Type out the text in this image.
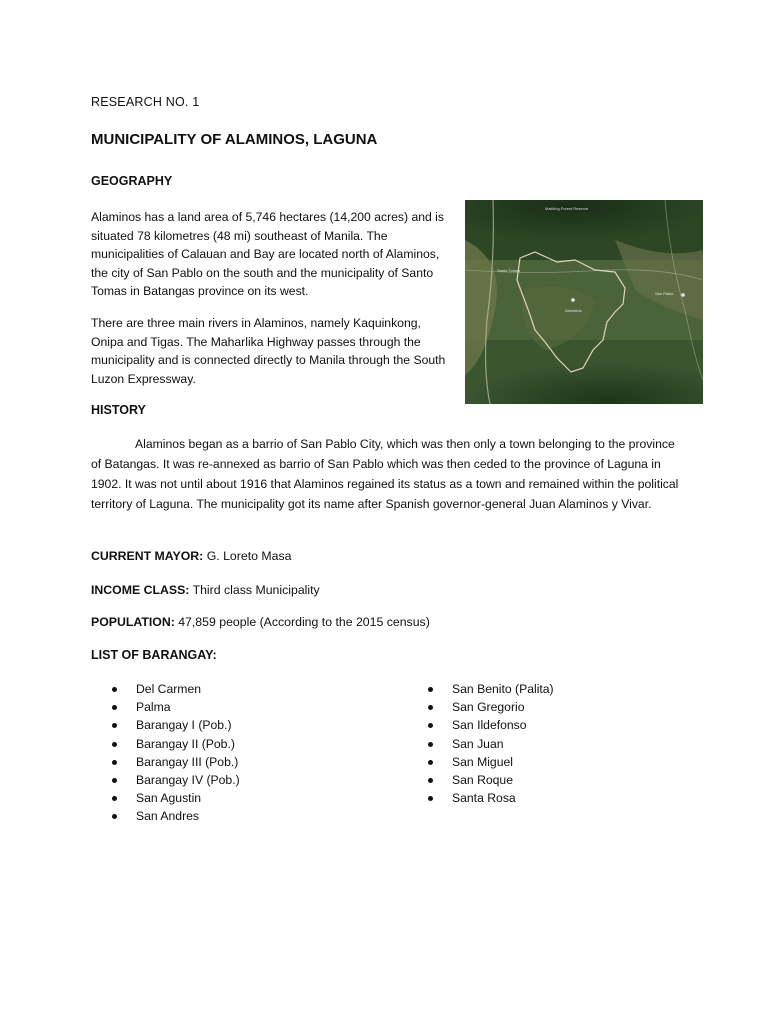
RESEARCH NO. 1
MUNICIPALITY OF ALAMINOS, LAGUNA
GEOGRAPHY
Alaminos has a land area of 5,746 hectares (14,200 acres) and is situated 78 kilometres (48 mi) southeast of Manila. The municipalities of Calauan and Bay are located north of Alaminos, the city of San Pablo on the south and the municipality of Santo Tomas in Batangas province on its west.
There are three main rivers in Alaminos, namely Kaquinkong, Onipa and Tigas. The Maharlika Highway passes through the municipality and is connected directly to Manila through the South Luzon Expressway.
Makiling Forest Reserve
Alaminos
Santo Tomas
San Pablo
HISTORY
Alaminos began as a barrio of San Pablo City, which was then only a town belonging to the province of Batangas. It was re-annexed as barrio of San Pablo which was then ceded to the province of Laguna in 1902. It was not until about 1916 that Alaminos regained its status as a town and remained within the political territory of Laguna. The municipality got its name after Spanish governor-general Juan Alaminos y Vivar.
CURRENT MAYOR: G. Loreto Masa
INCOME CLASS: Third class Municipality
POPULATION: 47,859 people (According to the 2015 census)
LIST OF BARANGAY:
Del Carmen
Palma
Barangay I (Pob.)
Barangay II (Pob.)
Barangay III (Pob.)
Barangay IV (Pob.)
San Agustin
San Andres
San Benito (Palita)
San Gregorio
San Ildefonso
San Juan
San Miguel
San Roque
Santa Rosa
